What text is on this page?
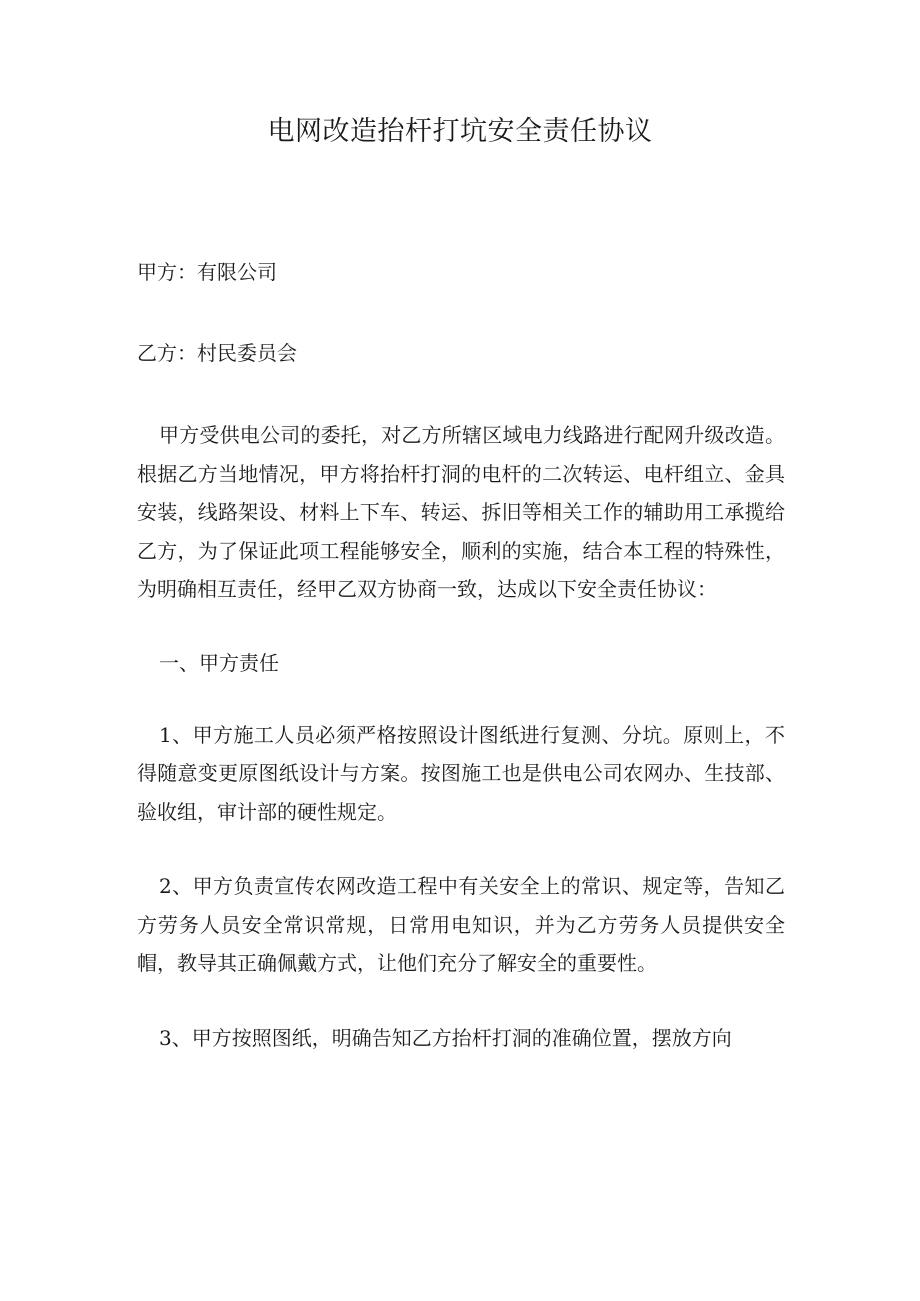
电网改造抬杆打坑安全责任协议

甲方：有限公司

乙方：村民委员会

甲方受供电公司的委托，对乙方所辖区域电力线路进行配网升级改造。根据乙方当地情况，甲方将抬杆打洞的电杆的二次转运、电杆组立、金具安装，线路架设、材料上下车、转运、拆旧等相关工作的辅助用工承揽给乙方，为了保证此项工程能够安全，顺利的实施，结合本工程的特殊性，为明确相互责任，经甲乙双方协商一致，达成以下安全责任协议：

一、甲方责任

1、甲方施工人员必须严格按照设计图纸进行复测、分坑。原则上，不得随意变更原图纸设计与方案。按图施工也是供电公司农网办、生技部、验收组，审计部的硬性规定。

2、甲方负责宣传农网改造工程中有关安全上的常识、规定等，告知乙方劳务人员安全常识常规，日常用电知识，并为乙方劳务人员提供安全帽，教导其正确佩戴方式，让他们充分了解安全的重要性。

3、甲方按照图纸，明确告知乙方抬杆打洞的准确位置，摆放方向
